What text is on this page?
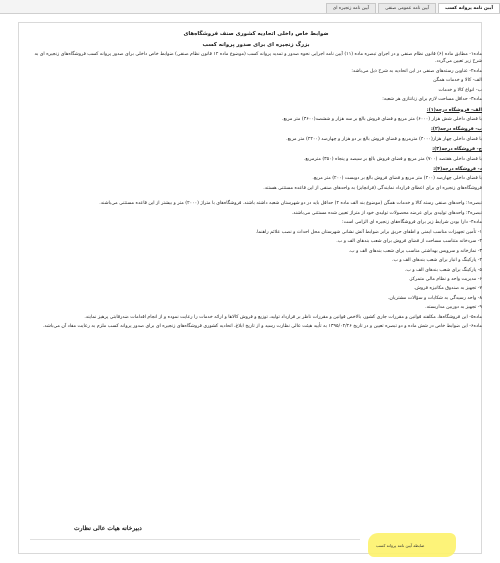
آیین نامه زنجیره ای	آیین نامه عمومی صنفی	آیین نامه پروانه کسب

ضوابط خاص داخلی اتحادیه کشوری صنف فروشگاه‌های

بزرگ زنجیره ای برای صدور پروانه کسب

ماده۱- مطابق ماده (۶) قانون نظام صنفی و در اجرای تبصره ماده (۱۱) آیین نامه اجرایی نحوه صدور و تمدید پروانه کسب (موضوع ماده ۱۲ قانون نظام صنفی) ضوابط خاص داخلی برای صدور پروانه کسب فروشگاه‌های زنجیره ای به شرح زیر تعیین می‌گردد.

ماده۲- عناوین رسته‌های صنفی در این اتحادیه به شرح ذیل می‌باشد:

الف- کالا و خدمات همگن

ب- انواع کالا و خدمات

ماده۳- حداقل مساحت لازم برای زنانتازی هر شعبه:

الف- فروشگاه درجه(۱):

با فضای داخلی شش هزار (۶۰۰۰) متر مربع و فضای فروش بالغ بر سه هزار و ششصد(۳۶۰۰) متر مربع.

ب- فروشگاه درجه(۲):

با فضای داخلی چهار هزار(۴۰۰۰) مترمربع و فضای فروش بالغ بر دو هزار و چهارصد (۲۴۰۰) متر مربع.

ج- فروشگاه درجه(۳):

با فضای داخلی هفتصد (۷۰۰) متر مربع و فضای فروش بالغ بر سیصد و پنجاه (۳۵۰) مترمربع.

د- فروشگاه درجه(۴):

با فضای داخلی چهارصد (۴۰۰) متر مربع و فضای فروش بالغ بر دویست (۲۰۰) متر مربع.

فروشگاه‌های زنجیره ای برای اعطای قرارداد نمایندگی (فرانچایز) به واحدهای صنفی از این قاعده مستثنی هستند.

تبصره۱: واحدهای صنفی رسته کالا و خدمات همگن (موضوع بند الف ماده ۲) حداقل باید در دو شهرستان شعبه داشته باشند. فروشگاه‌های با متراژ (۲۰۰۰) متر و بیشتر از این قاعده مستثنی می‌باشند.

تبصره۲: واحدهای تولیدی برای عرضه محصولات تولیدی خود از متراژ تعیین شده مستثنی می‌باشند.

ماده۴- دارا بودن شرایط زیر برای فروشگاه‌های زنجیره ای الزامی است:

۱- تأمین تجهیزات مناسب ایمنی و اطفای حریق برابر ضوابط آتش نشانی شهرستان محل احداث و نصب علائم راهنما.

۲- سردخانه متناسب مساحت از فضای فروش برای شعب بندهای الف و ب.

۳- نمازخانه و سرویس بهداشتی مناسب برای شعب بندهای الف و ب.

۴- پارکینگ و انبار برای شعب بندهای الف و ب.

۵- پارکینگ برای شعب بندهای الف و ب.

۶- مدیریت واحد و نظام مالی متمرکز.

۷- تجهیز به صندوق مکانیزه فروش.

۸- واحد رسیدگی به شکایات و سؤالات مشتریان.

۹- تجهیز به دوربین مداربسته.

ماده۵- این فروشگاه‌ها، مکلفند قوانین و مقررات جاری کشور، بالاخص قوانین و مقررات ناظر بر قرارداد تولید، توزیع و فروش کالاها و ارائه خدمات را رعایت نموده و از انجام اقدامات ضدرقابتی پرهیز نمایند.

ماده۶- این ضوابط خاص در شش ماده و دو تبصره تعیین و در تاریخ ۱۳۹۵/۰۲/۲۶ به تأیید هیئت عالی نظارت رسید و از تاریخ ابلاغ، اتحادیه کشوری فروشگاه‌های زنجیره ای برای صدور پروانه کسب ملزم به رعایت مفاد آن می‌باشد.

دبیرخانه هیات عالی نظارت
ضابطه آیین نامه پروانه کسب
